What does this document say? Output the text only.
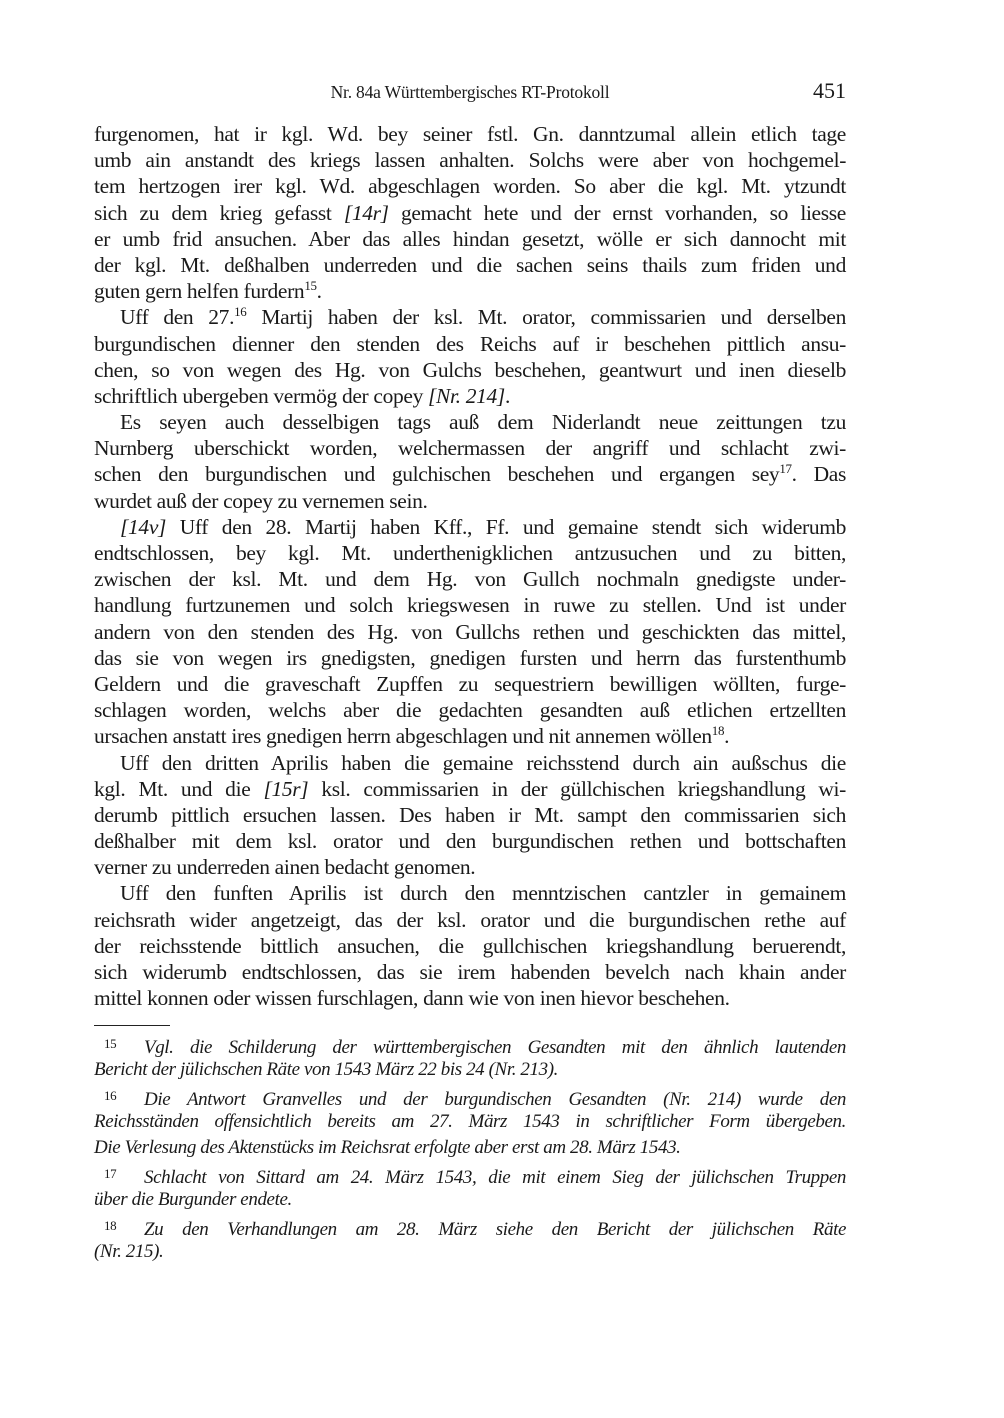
Nr. 84a Württembergisches RT-Protokoll	451
furgenomen, hat ir kgl. Wd. bey seiner fstl. Gn. danntzumal allein etlich tage
umb ain anstandt des kriegs lassen anhalten. Solchs were aber von hochgemel-
tem hertzogen irer kgl. Wd. abgeschlagen worden. So aber die kgl. Mt. ytzundt
sich zu dem krieg gefasst [14r] gemacht hete und der ernst vorhanden, so liesse
er umb frid ansuchen. Aber das alles hindan gesetzt, wölle er sich dannocht mit
der kgl. Mt. deßhalben underreden und die sachen seins thails zum friden und
guten gern helfen furdern$^{15}$.
Uff den 27.16 Martij haben der ksl. Mt. orator, commissarien und derselben
burgundischen dienner den stenden des Reichs auf ir beschehen pittlich ansu-
chen, so von wegen des Hg. von Gulchs beschehen, geantwurt und inen dieselb
schriftlich ubergeben vermög der copey [Nr. 214].
Es seyen auch desselbigen tags auß dem Niderlandt neue zeittungen tzu
Nurnberg uberschickt worden, welchermassen der angriff und schlacht zwi-
schen den burgundischen und gulchischen beschehen und ergangen sey$^{17}$. Das
wurdet auß der copey zu vernemen sein.
[14v] Uff den 28. Martij haben Kff., Ff. und gemaine stendt sich widerumb
endtschlossen, bey kgl. Mt. underthenigklichen antzusuchen und zu bitten,
zwischen der ksl. Mt. und dem Hg. von Gullch nochmaln gnedigste under-
handlung furtzunemen und solch kriegswesen in ruwe zu stellen. Und ist under
andern von den stenden des Hg. von Gullchs rethen und geschickten das mittel,
das sie von wegen irs gnedigsten, gnedigen fursten und herrn das furstenthumb
Geldern und die graveschaft Zupffen zu sequestriern bewilligen wöllten, furge-
schlagen worden, welchs aber die gedachten gesandten auß etlichen ertzellten
ursachen anstatt ires gnedigen herrn abgeschlagen und nit annemen wöllen$^{18}$.
Uff den dritten Aprilis haben die gemaine reichsstend durch ain außschus die
kgl. Mt. und die [15r] ksl. commissarien in der güllchischen kriegshandlung wi-
derumb pittlich ersuchen lassen. Des haben ir Mt. sampt den commissarien sich
deßhalber mit dem ksl. orator und den burgundischen rethen und bottschaften
verner zu underreden ainen bedacht genomen.
Uff den funften Aprilis ist durch den menntzischen cantzler in gemainem
reichsrath wider angetzeigt, das der ksl. orator und die burgundischen rethe auf
der reichsstende bittlich ansuchen, die gullchischen kriegshandlung beruerendt,
sich widerumb endtschlossen, das sie irem habenden bevelch nach khain ander
mittel konnen oder wissen furschlagen, dann wie von inen hievor beschehen.
15 Vgl. die Schilderung der württembergischen Gesandten mit den ähnlich lautenden
Bericht der jülichschen Räte von 1543 März 22 bis 24 (Nr. 213).
16 Die Antwort Granvelles und der burgundischen Gesandten (Nr. 214) wurde den
Reichsständen offensichtlich bereits am 27. März 1543 in schriftlicher Form übergeben.
Die Verlesung des Aktenstücks im Reichsrat erfolgte aber erst am 28. März 1543.
17 Schlacht von Sittard am 24. März 1543, die mit einem Sieg der jülichschen Truppen
über die Burgunder endete.
18 Zu den Verhandlungen am 28. März siehe den Bericht der jülichschen Räte
(Nr. 215).
